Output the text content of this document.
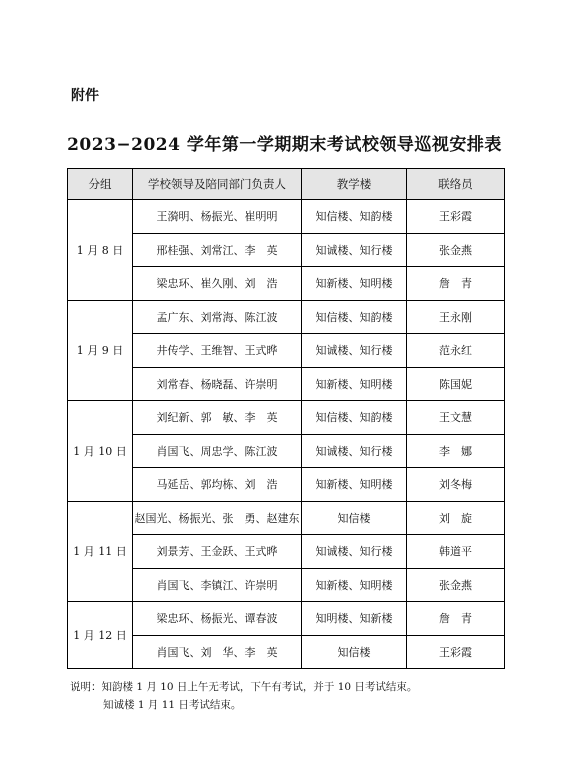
附件
2023−2024 学年第一学期期末考试校领导巡视安排表
分组	学校领导及陪同部门负责人	教学楼	联络员
1 月 8 日	王漪明、杨振光、崔明明	知信楼、知韵楼	王彩霞
	邢桂强、刘常江、李　英	知诚楼、知行楼	张金燕
	梁忠环、崔久刚、刘　浩	知新楼、知明楼	詹　青
1 月 9 日	孟广东、刘常海、陈江波	知信楼、知韵楼	王永刚
	井传学、王维智、王式晔	知诚楼、知行楼	范永红
	刘常春、杨晓磊、许崇明	知新楼、知明楼	陈国妮
1 月 10 日	刘纪新、郭　敏、李　英	知信楼、知韵楼	王文慧
	肖国飞、周忠学、陈江波	知诚楼、知行楼	李　娜
	马延岳、郭均栋、刘　浩	知新楼、知明楼	刘冬梅
1 月 11 日	赵国光、杨振光、张　勇、赵建东	知信楼	刘　旋
	刘景芳、王金跃、王式晔	知诚楼、知行楼	韩道平
	肖国飞、李镇江、许崇明	知新楼、知明楼	张金燕
1 月 12 日	梁忠环、杨振光、谭春波	知明楼、知新楼	詹　青
	肖国飞、刘　华、李　英	知信楼	王彩霞
说明：知韵楼 1 月 10 日上午无考试，下午有考试，并于 10 日考试结束。
知诚楼 1 月 11 日考试结束。
